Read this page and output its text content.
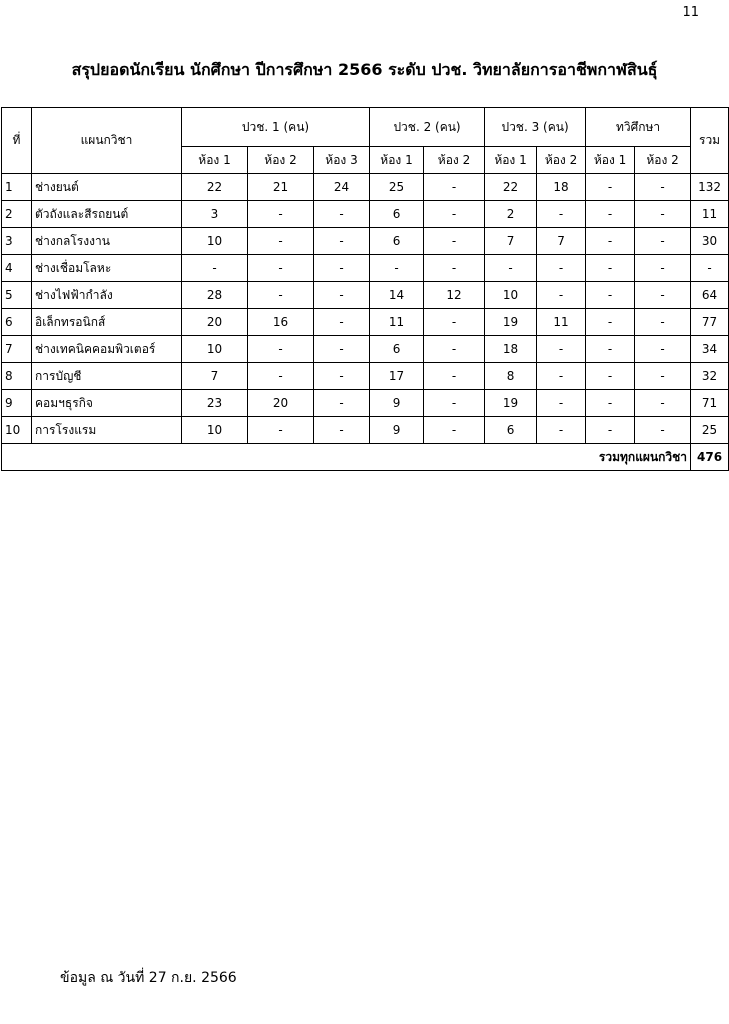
11
สรุปยอดนักเรียน นักศึกษา ปีการศึกษา 2566 ระดับ ปวช. วิทยาลัยการอาชีพกาฬสินธุ์
ที่	แผนกวิชา	ปวช. 1 (คน)			ปวช. 2 (คน)		ปวช. 3 (คน)		ทวิศึกษา		รวม
		ห้อง 1	ห้อง 2	ห้อง 3	ห้อง 1	ห้อง 2	ห้อง 1	ห้อง 2	ห้อง 1	ห้อง 2	
1	ช่างยนต์	22	21	24	25	-	22	18	-	-	132
2	ตัวถังและสีรถยนต์	3	-	-	6	-	2	-	-	-	11
3	ช่างกลโรงงาน	10	-	-	6	-	7	7	-	-	30
4	ช่างเชื่อมโลหะ	-	-	-	-	-	-	-	-	-	-
5	ช่างไฟฟ้ากำลัง	28	-	-	14	12	10	-	-	-	64
6	อิเล็กทรอนิกส์	20	16	-	11	-	19	11	-	-	77
7	ช่างเทคนิคคอมพิวเตอร์	10	-	-	6	-	18	-	-	-	34
8	การบัญชี	7	-	-	17	-	8	-	-	-	32
9	คอมฯธุรกิจ	23	20	-	9	-	19	-	-	-	71
10	การโรงแรม	10	-	-	9	-	6	-	-	-	25
รวมทุกแผนกวิชา											476
ข้อมูล ณ วันที่ 27 ก.ย. 2566
